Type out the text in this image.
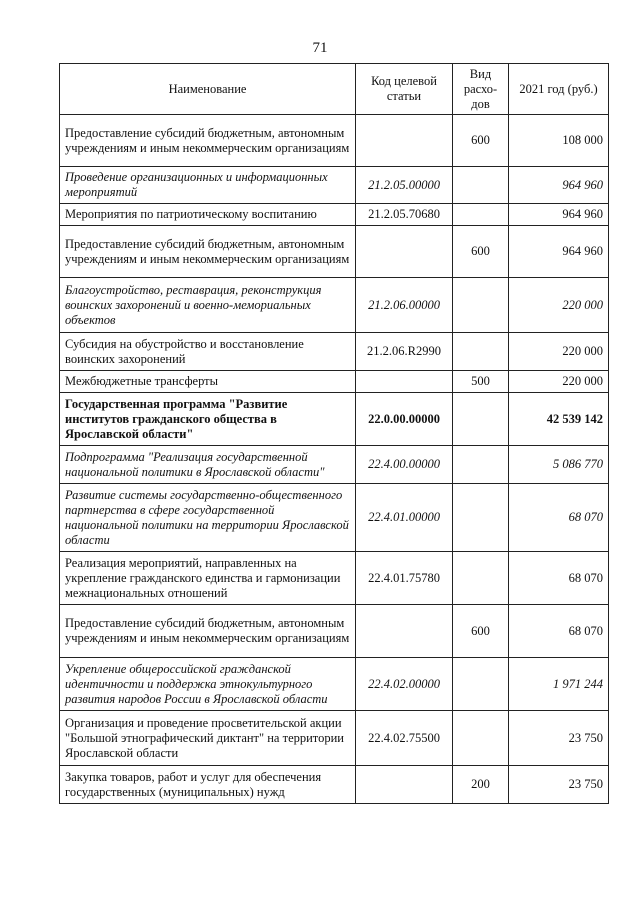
71
Наименование	Код целевой статьи	Вид расхо-дов	2021 год (руб.)
Предоставление субсидий бюджетным, автономным учреждениям и иным некоммерческим организациям		600	108 000
Проведение организационных и информационных мероприятий	21.2.05.00000		964 960
Мероприятия по патриотическому воспитанию	21.2.05.70680		964 960
Предоставление субсидий бюджетным, автономным учреждениям и иным некоммерческим организациям		600	964 960
Благоустройство, реставрация, реконструкция воинских захоронений и военно-мемориальных объектов	21.2.06.00000		220 000
Субсидия на обустройство и восстановление воинских захоронений	21.2.06.R2990		220 000
Межбюджетные трансферты		500	220 000
Государственная программа "Развитие институтов гражданского общества в Ярославской области"	22.0.00.00000		42 539 142
Подпрограмма "Реализация государственной национальной политики в Ярославской области"	22.4.00.00000		5 086 770
Развитие системы государственно-общественного партнерства в сфере государственной национальной политики на территории Ярославской области	22.4.01.00000		68 070
Реализация мероприятий, направленных на укрепление гражданского единства и гармонизации межнациональных отношений	22.4.01.75780		68 070
Предоставление субсидий бюджетным, автономным учреждениям и иным некоммерческим организациям		600	68 070
Укрепление общероссийской гражданской идентичности и поддержка этнокультурного развития народов России в Ярославской области	22.4.02.00000		1 971 244
Организация и проведение просветительской акции "Большой этнографический диктант" на территории Ярославской области	22.4.02.75500		23 750
Закупка товаров, работ и услуг для обеспечения государственных (муниципальных) нужд		200	23 750
